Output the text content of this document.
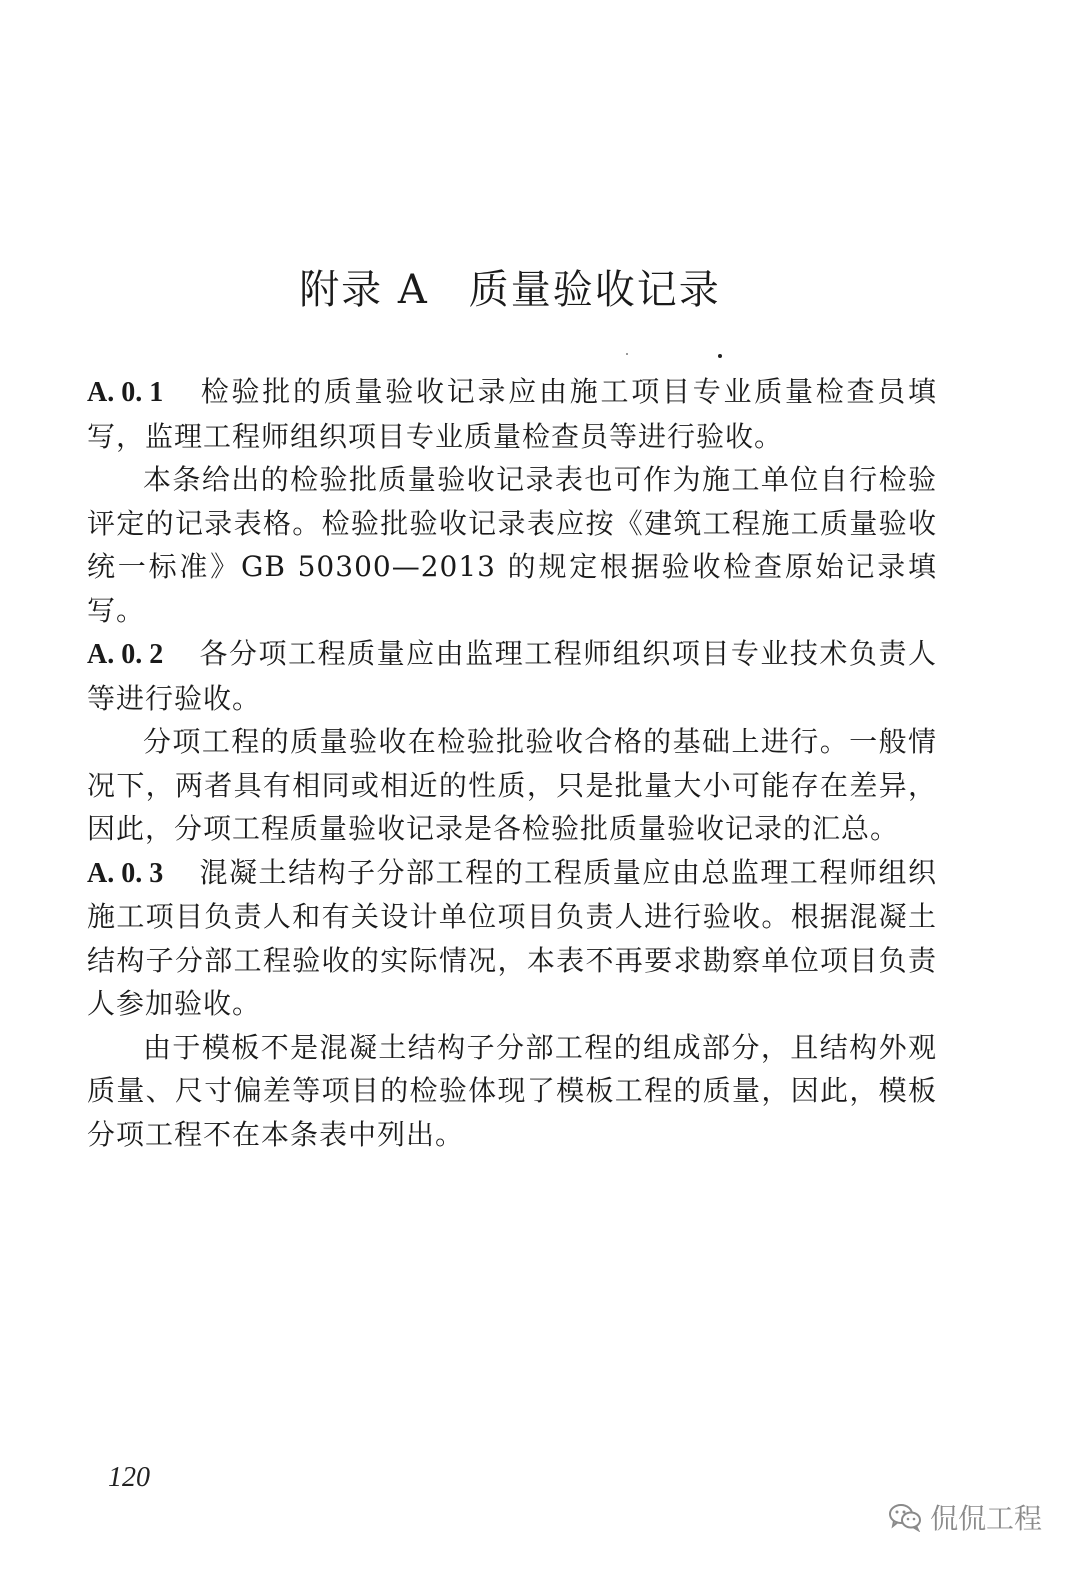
附录 A 质量验收记录

A. 0. 1 检验批的质量验收记录应由施工项目专业质量检查员填写，监理工程师组织项目专业质量检查员等进行验收。

本条给出的检验批质量验收记录表也可作为施工单位自行检验评定的记录表格。检验批验收记录表应按《建筑工程施工质量验收统一标准》GB 50300—2013 的规定根据验收检查原始记录填写。

A. 0. 2 各分项工程质量应由监理工程师组织项目专业技术负责人等进行验收。

分项工程的质量验收在检验批验收合格的基础上进行。一般情况下，两者具有相同或相近的性质，只是批量大小可能存在差异，因此，分项工程质量验收记录是各检验批质量验收记录的汇总。

A. 0. 3 混凝土结构子分部工程的工程质量应由总监理工程师组织施工项目负责人和有关设计单位项目负责人进行验收。根据混凝土结构子分部工程验收的实际情况，本表不再要求勘察单位项目负责人参加验收。

由于模板不是混凝土结构子分部工程的组成部分，且结构外观质量、尺寸偏差等项目的检验体现了模板工程的质量，因此，模板分项工程不在本条表中列出。

120
侃侃工程
